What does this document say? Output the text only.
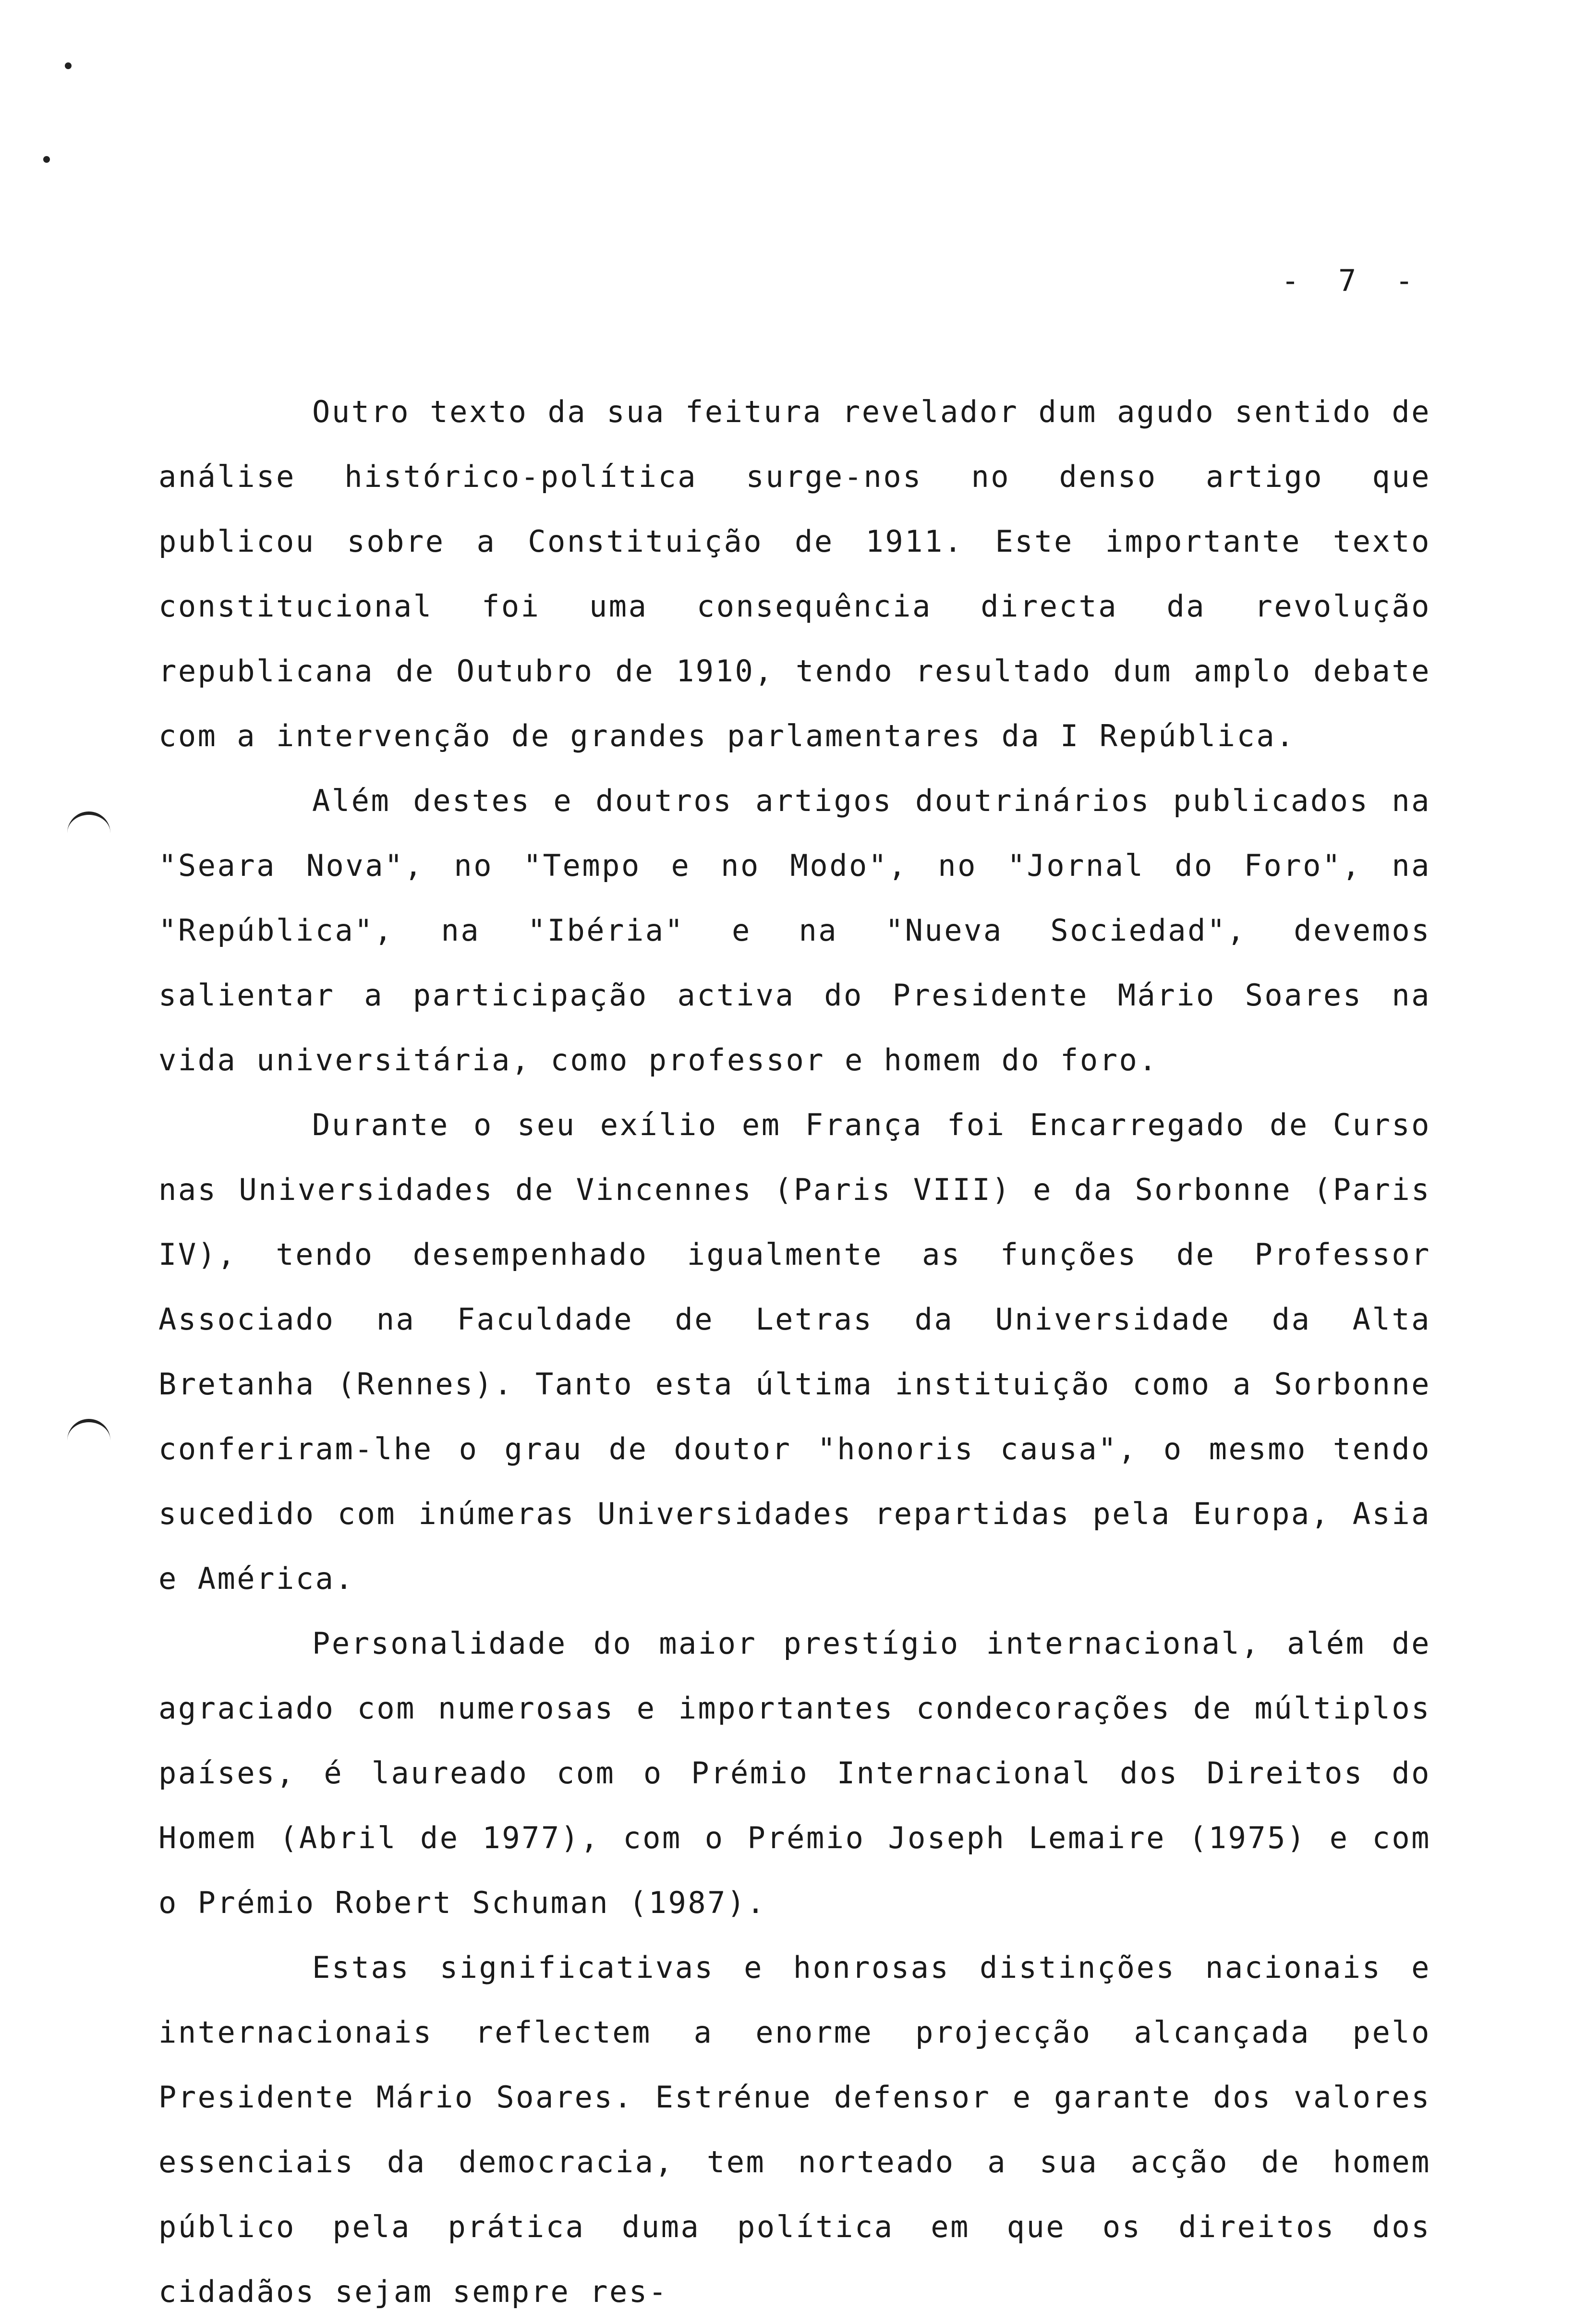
- 7 -

Outro texto da sua feitura revelador dum agudo sentido de análise histórico-política surge-nos no denso artigo que publicou sobre a Constituição de 1911. Este importante texto constitucional foi uma consequência directa da revolução republicana de Outubro de 1910, tendo resultado dum amplo debate com a intervenção de grandes parlamentares da I República.

Além destes e doutros artigos doutrinários publicados na "Seara Nova", no "Tempo e no Modo", no "Jornal do Foro", na "República", na "Ibéria" e na "Nueva Sociedad", devemos salientar a participação activa do Presidente Mário Soares na vida universitária, como professor e homem do foro.

Durante o seu exílio em França foi Encarregado de Curso nas Universidades de Vincennes (Paris VIII) e da Sorbonne (Paris IV), tendo desempenhado igualmente as funções de Professor Associado na Faculdade de Letras da Universidade da Alta Bretanha (Rennes). Tanto esta última instituição como a Sorbonne conferiram-lhe o grau de doutor "honoris causa", o mesmo tendo sucedido com inúmeras Universidades repartidas pela Europa, Asia e América.

Personalidade do maior prestígio internacional, além de agraciado com numerosas e importantes condecorações de múltiplos países, é laureado com o Prémio Internacional dos Direitos do Homem (Abril de 1977), com o Prémio Joseph Lemaire (1975) e com o Prémio Robert Schuman (1987).

Estas significativas e honrosas distinções nacionais e internacionais reflectem a enorme projecção alcançada pelo Presidente Mário Soares. Estrénue defensor e garante dos valores essenciais da democracia, tem norteado a sua acção de homem público pela prática duma política em que os direitos dos cidadãos sejam sempre res-
